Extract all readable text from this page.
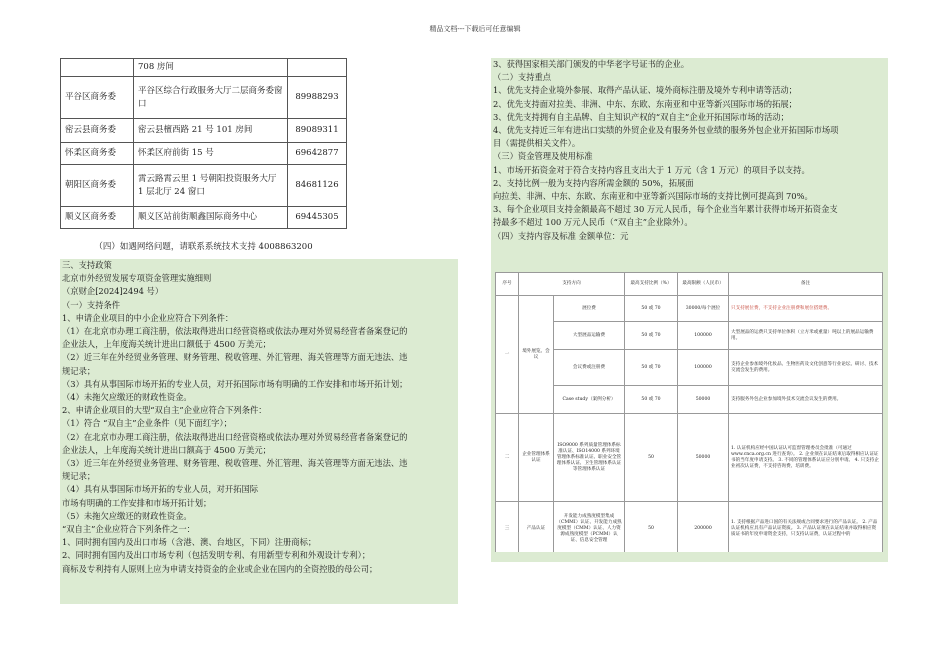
精品文档---下载后可任意编辑
	708 房间	
平谷区商务委	平谷区综合行政服务大厅二层商务委窗口	89988293
密云县商务委	密云县檀西路 21 号 101 房间	89089311
怀柔区商务委	怀柔区府前街 15 号	69642877
朝阳区商务委	霄云路霄云里 1 号朝阳投资服务大厅 1 层北厅 24 窗口	84681126
顺义区商务委	顺义区站前街顺鑫国际商务中心	69445305
（四）如遇网络问题，请联系系统技术支持 4008863200
三、支持政策
北京市外经贸发展专项资金管理实施细则
（京财企[2024]2494 号）
（一）支持条件
1、申请企业项目的中小企业应符合下列条件：
（1）在北京市办理工商注册，依法取得进出口经营资格或依法办理对外贸易经营者备案登记的
企业法人，上年度海关统计进出口额低于 4500 万美元；
（2）近三年在外经贸业务管理、财务管理、税收管理、外汇管理、海关管理等方面无违法、违
规记录；
（3）具有从事国际市场开拓的专业人员，对开拓国际市场有明确的工作安排和市场开拓计划；
（4）未拖欠应缴还的财政性资金。
2、申请企业项目的大型“双自主”企业应符合下列条件：
（1）符合 “双自主”企业条件（见下面红字）；
（2）在北京市办理工商注册，依法取得进出口经营资格或依法办理对外贸易经营者备案登记的
企业法人，上年度海关统计进出口额高于 4500 万美元；
（3）近三年在外经贸业务管理、财务管理、税收管理、外汇管理、海关管理等方面无违法、违
规记录；
（4）具有从事国际市场开拓的专业人员，对开拓国际
市场有明确的工作安排和市场开拓计划；
（5）未拖欠应缴还的财政性资金。
“双自主”企业应符合下列条件之一：
1、同时拥有国内及出口市场（含港、澳、台地区，下同）注册商标；
2、同时拥有国内及出口市场专利（包括发明专利、有用新型专利和外观设计专利）；
商标及专利持有人原则上应为申请支持资金的企业或企业在国内的全资控股的母公司；
3、获得国家相关部门颁发的中华老字号证书的企业。
（二）支持重点
1、优先支持企业境外参展、取得产品认证、境外商标注册及境外专利申请等活动；
2、优先支持面对拉美、非洲、中东、东欧、东南亚和中亚等新兴国际市场的拓展；
3、优先支持拥有自主品牌、自主知识产权的“双自主”企业开拓国际市场的活动；
4、优先支持近三年有进出口实绩的外贸企业及有服务外包业绩的服务外包企业开拓国际市场项
目（需提供相关文件）。
（三）资金管理及使用标准
1、市场开拓资金对于符合支持内容且支出大于 1 万元（含 1 万元）的项目予以支持。
2、支持比例一般为支持内容所需金额的 50%，拓展面
向拉美、非洲、中东、东欧、东南亚和中亚等新兴国际市场的支持比例可提高到 70%。
3、每个企业项目支持金额最高不超过 30 万元人民币，每个企业当年累计获得市场开拓资金支
持最多不超过 100 万元人民币（“双自主”企业除外）。
（四）支持内容及标准 金额单位：元
序号	支持方向		最高支持比例（%）	最高限额（人民币）	备注
一	境外展览、会议	展位费	50 或 70	30000/每个展位	只支持展位费，不支持企业注册费和展位搭建费。
		大型展品运输费	50 或 70	100000	大型展品的运费只支持单位体积（立方米或重量）吨以上的展品运输费用。
		会议费或注册费	50 或 70	100000	支持企业参加境外化妆品、生物医药及文化创意等行业论坛、研讨、技术交流会发生的费用。
		Case study（案例分析）	50 或 70	50000	支持服务外包企业参加境外技术交流会议发生的费用。
二	企业管理体系认证	ISO9000 系列质量管理体系标准认证、ISO14000 系列环境管理体系标准认证、职业安全管理体系认证、卫生管理体系认证等管理体系认证	50	50000	1. 认证机构应经中国认证认可监督管理委员会批准（可通过 www.cnca.org.cn 进行查询）。 2. 企业须在认证结束后取得相应认证证书的当年度申请支持。 3. 不同的管理体系认证应分别申请。 4. 只支持企业初次认证费，不支持咨询费、培训费。
三	产品认证	开发能力成熟度模型集成（CMMI）认证、开发能力成熟度模型（CMM）认证、人力资源成熟度模型（PCMM）认证、信息安全管理	50	200000	1. 支持根据产品进口国的有关法规或合同要求进行的产品认证。 2. 产品认证机构应具有产品认证资质。 3. 产品认证须在认证结束并取得相应资质证书的年度申请资金支持，只支持认证费，认证过程中的
